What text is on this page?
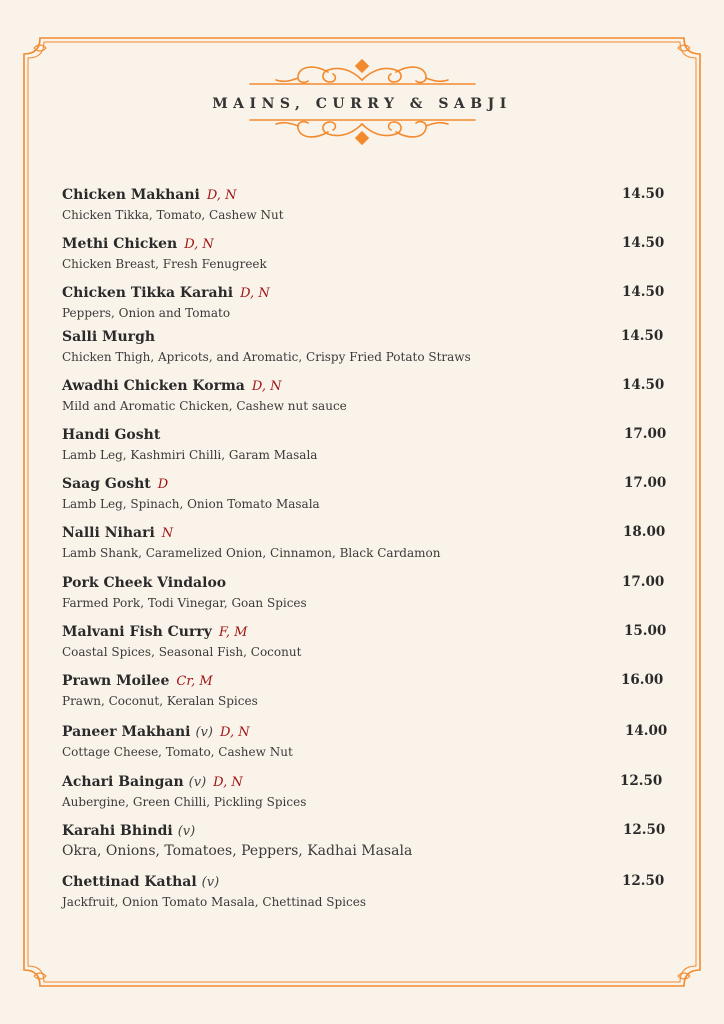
MAINS, CURRY & SABJI
Chicken Makhani D, N	14.50
Chicken Tikka, Tomato, Cashew Nut
Methi Chicken D, N	14.50
Chicken Breast, Fresh Fenugreek
Chicken Tikka Karahi D, N	14.50
Peppers, Onion and Tomato
Salli Murgh	14.50
Chicken Thigh, Apricots, and Aromatic, Crispy Fried Potato Straws
Awadhi Chicken Korma D, N	14.50
Mild and Aromatic Chicken, Cashew nut sauce
Handi Gosht	17.00
Lamb Leg, Kashmiri Chilli, Garam Masala
Saag Gosht D	17.00
Lamb Leg, Spinach, Onion Tomato Masala
Nalli Nihari N	18.00
Lamb Shank, Caramelized Onion, Cinnamon, Black Cardamon
Pork Cheek Vindaloo	17.00
Farmed Pork, Todi Vinegar, Goan Spices
Malvani Fish Curry F, M	15.00
Coastal Spices, Seasonal Fish, Coconut
Prawn Moilee Cr, M	16.00
Prawn, Coconut, Keralan Spices
Paneer Makhani (v) D, N	14.00
Cottage Cheese, Tomato, Cashew Nut
Achari Baingan (v) D, N	12.50
Aubergine, Green Chilli, Pickling Spices
Karahi Bhindi (v)	12.50
Okra, Onions, Tomatoes, Peppers, Kadhai Masala
Chettinad Kathal (v)	12.50
Jackfruit, Onion Tomato Masala, Chettinad Spices
